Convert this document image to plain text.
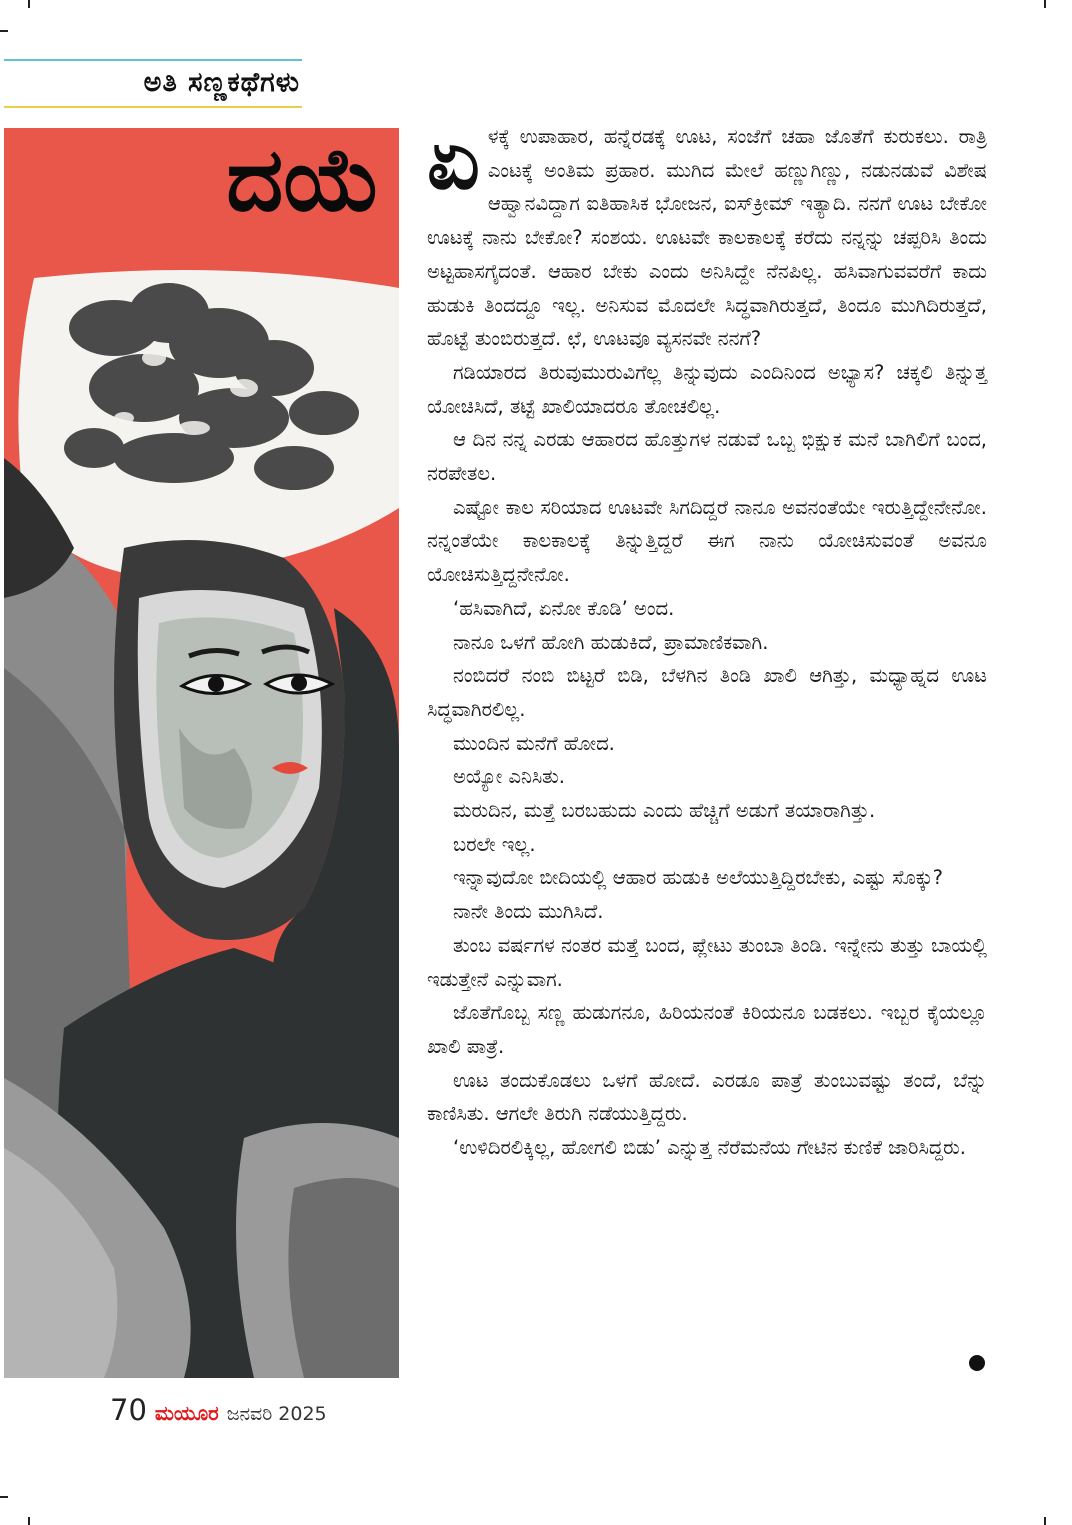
ಅತಿ ಸಣ್ಣಕಥೆಗಳು
ದಯೆ ಏಳಕ್ಕೆ ಉಪಾಹಾರ, ಹನ್ನೆರಡಕ್ಕೆ ಊಟ, ಸಂಜೆಗೆ ಚಹಾ ಜೊತೆಗೆ ಕುರುಕಲು. ರಾತ್ರಿ ಎಂಟಕ್ಕೆ ಅಂತಿಮ ಪ್ರಹಾರ. ಮುಗಿದ ಮೇಲೆ ಹಣ್ಣುಗಿಣ್ಣು, ನಡುನಡುವೆ ವಿಶೇಷ ಆಹ್ವಾನವಿದ್ದಾಗ ಐತಿಹಾಸಿಕ ಭೋಜನ, ಐಸ್‌ಕ್ರೀಮ್ ಇತ್ಯಾದಿ. ನನಗೆ ಊಟ ಬೇಕೋ ಊಟಕ್ಕೆ ನಾನು ಬೇಕೋ? ಸಂಶಯ. ಊಟವೇ ಕಾಲಕಾಲಕ್ಕೆ ಕರೆದು ನನ್ನನ್ನು ಚಪ್ಪರಿಸಿ ತಿಂದು ಅಟ್ಟಹಾಸಗೈದಂತೆ. ಆಹಾರ ಬೇಕು ಎಂದು ಅನಿಸಿದ್ದೇ ನೆನಪಿಲ್ಲ. ಹಸಿವಾಗುವವರೆಗೆ ಕಾದು ಹುಡುಕಿ ತಿಂದದ್ದೂ ಇಲ್ಲ. ಅನಿಸುವ ಮೊದಲೇ ಸಿದ್ಧವಾಗಿರುತ್ತದೆ, ತಿಂದೂ ಮುಗಿದಿರುತ್ತದೆ, ಹೊಟ್ಟೆ ತುಂಬಿರುತ್ತದೆ. ಛೆ, ಊಟವೂ ವ್ಯಸನವೇ ನನಗೆ?

ಗಡಿಯಾರದ ತಿರುವುಮುರುವಿಗೆಲ್ಲ ತಿನ್ನುವುದು ಎಂದಿನಿಂದ ಅಭ್ಯಾಸ? ಚಕ್ಕಲಿ ತಿನ್ನುತ್ತ ಯೋಚಿಸಿದೆ, ತಟ್ಟೆ ಖಾಲಿಯಾದರೂ ತೋಚಲಿಲ್ಲ.

ಆ ದಿನ ನನ್ನ ಎರಡು ಆಹಾರದ ಹೊತ್ತುಗಳ ನಡುವೆ ಒಬ್ಬ ಭಿಕ್ಷುಕ ಮನೆ ಬಾಗಿಲಿಗೆ ಬಂದ, ನರಪೇತಲ.

ಎಷ್ಟೋ ಕಾಲ ಸರಿಯಾದ ಊಟವೇ ಸಿಗದಿದ್ದರೆ ನಾನೂ ಅವನಂತೆಯೇ ಇರುತ್ತಿದ್ದೇನೇನೋ. ನನ್ನಂತೆಯೇ ಕಾಲಕಾಲಕ್ಕೆ ತಿನ್ನುತ್ತಿದ್ದರೆ ಈಗ ನಾನು ಯೋಚಿಸುವಂತೆ ಅವನೂ ಯೋಚಿಸುತ್ತಿದ್ದನೇನೋ.

‘ಹಸಿವಾಗಿದೆ, ಏನೋ ಕೊಡಿ’ ಅಂದ.

ನಾನೂ ಒಳಗೆ ಹೋಗಿ ಹುಡುಕಿದೆ, ಪ್ರಾಮಾಣಿಕವಾಗಿ.

ನಂಬಿದರೆ ನಂಬಿ ಬಿಟ್ಟರೆ ಬಿಡಿ, ಬೆಳಗಿನ ತಿಂಡಿ ಖಾಲಿ ಆಗಿತ್ತು, ಮಧ್ಯಾಹ್ನದ ಊಟ ಸಿದ್ಧವಾಗಿರಲಿಲ್ಲ.

ಮುಂದಿನ ಮನೆಗೆ ಹೋದ.

ಅಯ್ಯೋ ಎನಿಸಿತು.

ಮರುದಿನ, ಮತ್ತೆ ಬರಬಹುದು ಎಂದು ಹೆಚ್ಚಿಗೆ ಅಡುಗೆ ತಯಾರಾಗಿತ್ತು.

ಬರಲೇ ಇಲ್ಲ.

ಇನ್ನಾವುದೋ ಬೀದಿಯಲ್ಲಿ ಆಹಾರ ಹುಡುಕಿ ಅಲೆಯುತ್ತಿದ್ದಿರಬೇಕು, ಎಷ್ಟು ಸೊಕ್ಕು?

ನಾನೇ ತಿಂದು ಮುಗಿಸಿದೆ.

ತುಂಬ ವರ್ಷಗಳ ನಂತರ ಮತ್ತೆ ಬಂದ, ಪ್ಲೇಟು ತುಂಬಾ ತಿಂಡಿ. ಇನ್ನೇನು ತುತ್ತು ಬಾಯಲ್ಲಿ ಇಡುತ್ತೇನೆ ಎನ್ನುವಾಗ.

ಜೊತೆಗೊಬ್ಬ ಸಣ್ಣ ಹುಡುಗನೂ, ಹಿರಿಯನಂತೆ ಕಿರಿಯನೂ ಬಡಕಲು. ಇಬ್ಬರ ಕೈಯಲ್ಲೂ ಖಾಲಿ ಪಾತ್ರೆ.

ಊಟ ತಂದುಕೊಡಲು ಒಳಗೆ ಹೋದೆ. ಎರಡೂ ಪಾತ್ರೆ ತುಂಬುವಷ್ಟು ತಂದೆ, ಬೆನ್ನು ಕಾಣಿಸಿತು. ಆಗಲೇ ತಿರುಗಿ ನಡೆಯುತ್ತಿದ್ದರು.

‘ಉಳಿದಿರಲಿಕ್ಕಿಲ್ಲ, ಹೋಗಲಿ ಬಿಡು’ ಎನ್ನುತ್ತ ನೆರೆಮನೆಯ ಗೇಟಿನ ಕುಣಿಕೆ ಜಾರಿಸಿದ್ದರು.

70 ಮಯೂರ ಜನವರಿ 2025
